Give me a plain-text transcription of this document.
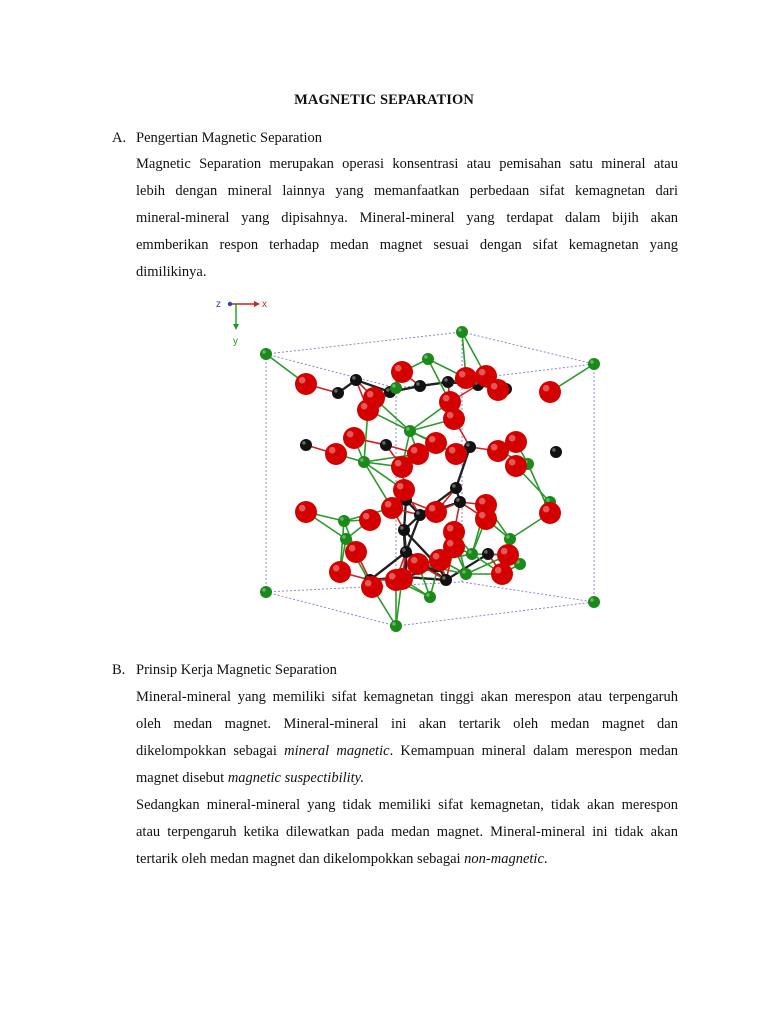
MAGNETIC SEPARATION
A. Pengertian Magnetic Separation
Magnetic Separation merupakan operasi konsentrasi atau pemisahan satu mineral atau
lebih dengan mineral lainnya yang memanfaatkan perbedaan sifat kemagnetan dari
mineral-mineral yang dipisahnya. Mineral-mineral yang terdapat dalam bijih akan
emmberikan respon terhadap medan magnet sesuai dengan sifat kemagnetan yang
dimilikinya.
z	x
y
B. Prinsip Kerja Magnetic Separation
Mineral-mineral yang memiliki sifat kemagnetan tinggi akan merespon atau terpengaruh
oleh medan magnet. Mineral-mineral ini akan tertarik oleh medan magnet dan
dikelompokkan sebagai mineral magnetic. Kemampuan mineral dalam merespon medan
magnet disebut magnetic suspectibility.
Sedangkan mineral-mineral yang tidak memiliki sifat kemagnetan, tidak akan merespon
atau terpengaruh ketika dilewatkan pada medan magnet. Mineral-mineral ini tidak akan
tertarik oleh medan magnet dan dikelompokkan sebagai non-magnetic.
